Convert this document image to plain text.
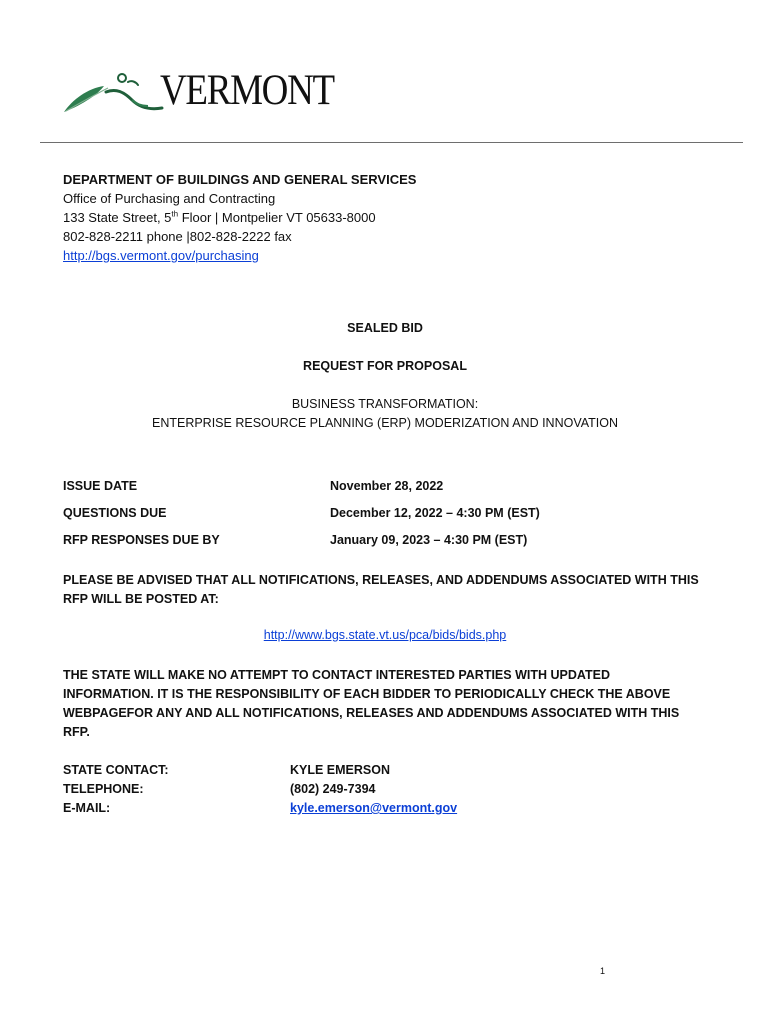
VERMONT
DEPARTMENT OF BUILDINGS AND GENERAL SERVICES
Office of Purchasing and Contracting
133 State Street, 5th Floor | Montpelier VT 05633-8000
802-828-2211 phone |802-828-2222 fax
http://bgs.vermont.gov/purchasing
SEALED BID
REQUEST FOR PROPOSAL
BUSINESS TRANSFORMATION:
ENTERPRISE RESOURCE PLANNING (ERP) MODERIZATION AND INNOVATION
ISSUE DATE	November 28, 2022
QUESTIONS DUE	December 12, 2022 – 4:30 PM (EST)
RFP RESPONSES DUE BY	January 09, 2023 – 4:30 PM (EST)
PLEASE BE ADVISED THAT ALL NOTIFICATIONS, RELEASES, AND ADDENDUMS ASSOCIATED WITH THIS
RFP WILL BE POSTED AT:
http://www.bgs.state.vt.us/pca/bids/bids.php
THE STATE WILL MAKE NO ATTEMPT TO CONTACT INTERESTED PARTIES WITH UPDATED
INFORMATION. IT IS THE RESPONSIBILITY OF EACH BIDDER TO PERIODICALLY CHECK THE ABOVE
WEBPAGEFOR ANY AND ALL NOTIFICATIONS, RELEASES AND ADDENDUMS ASSOCIATED WITH THIS
RFP.
STATE CONTACT:	KYLE EMERSON
TELEPHONE:	(802) 249-7394
E-MAIL:	kyle.emerson@vermont.gov
1
